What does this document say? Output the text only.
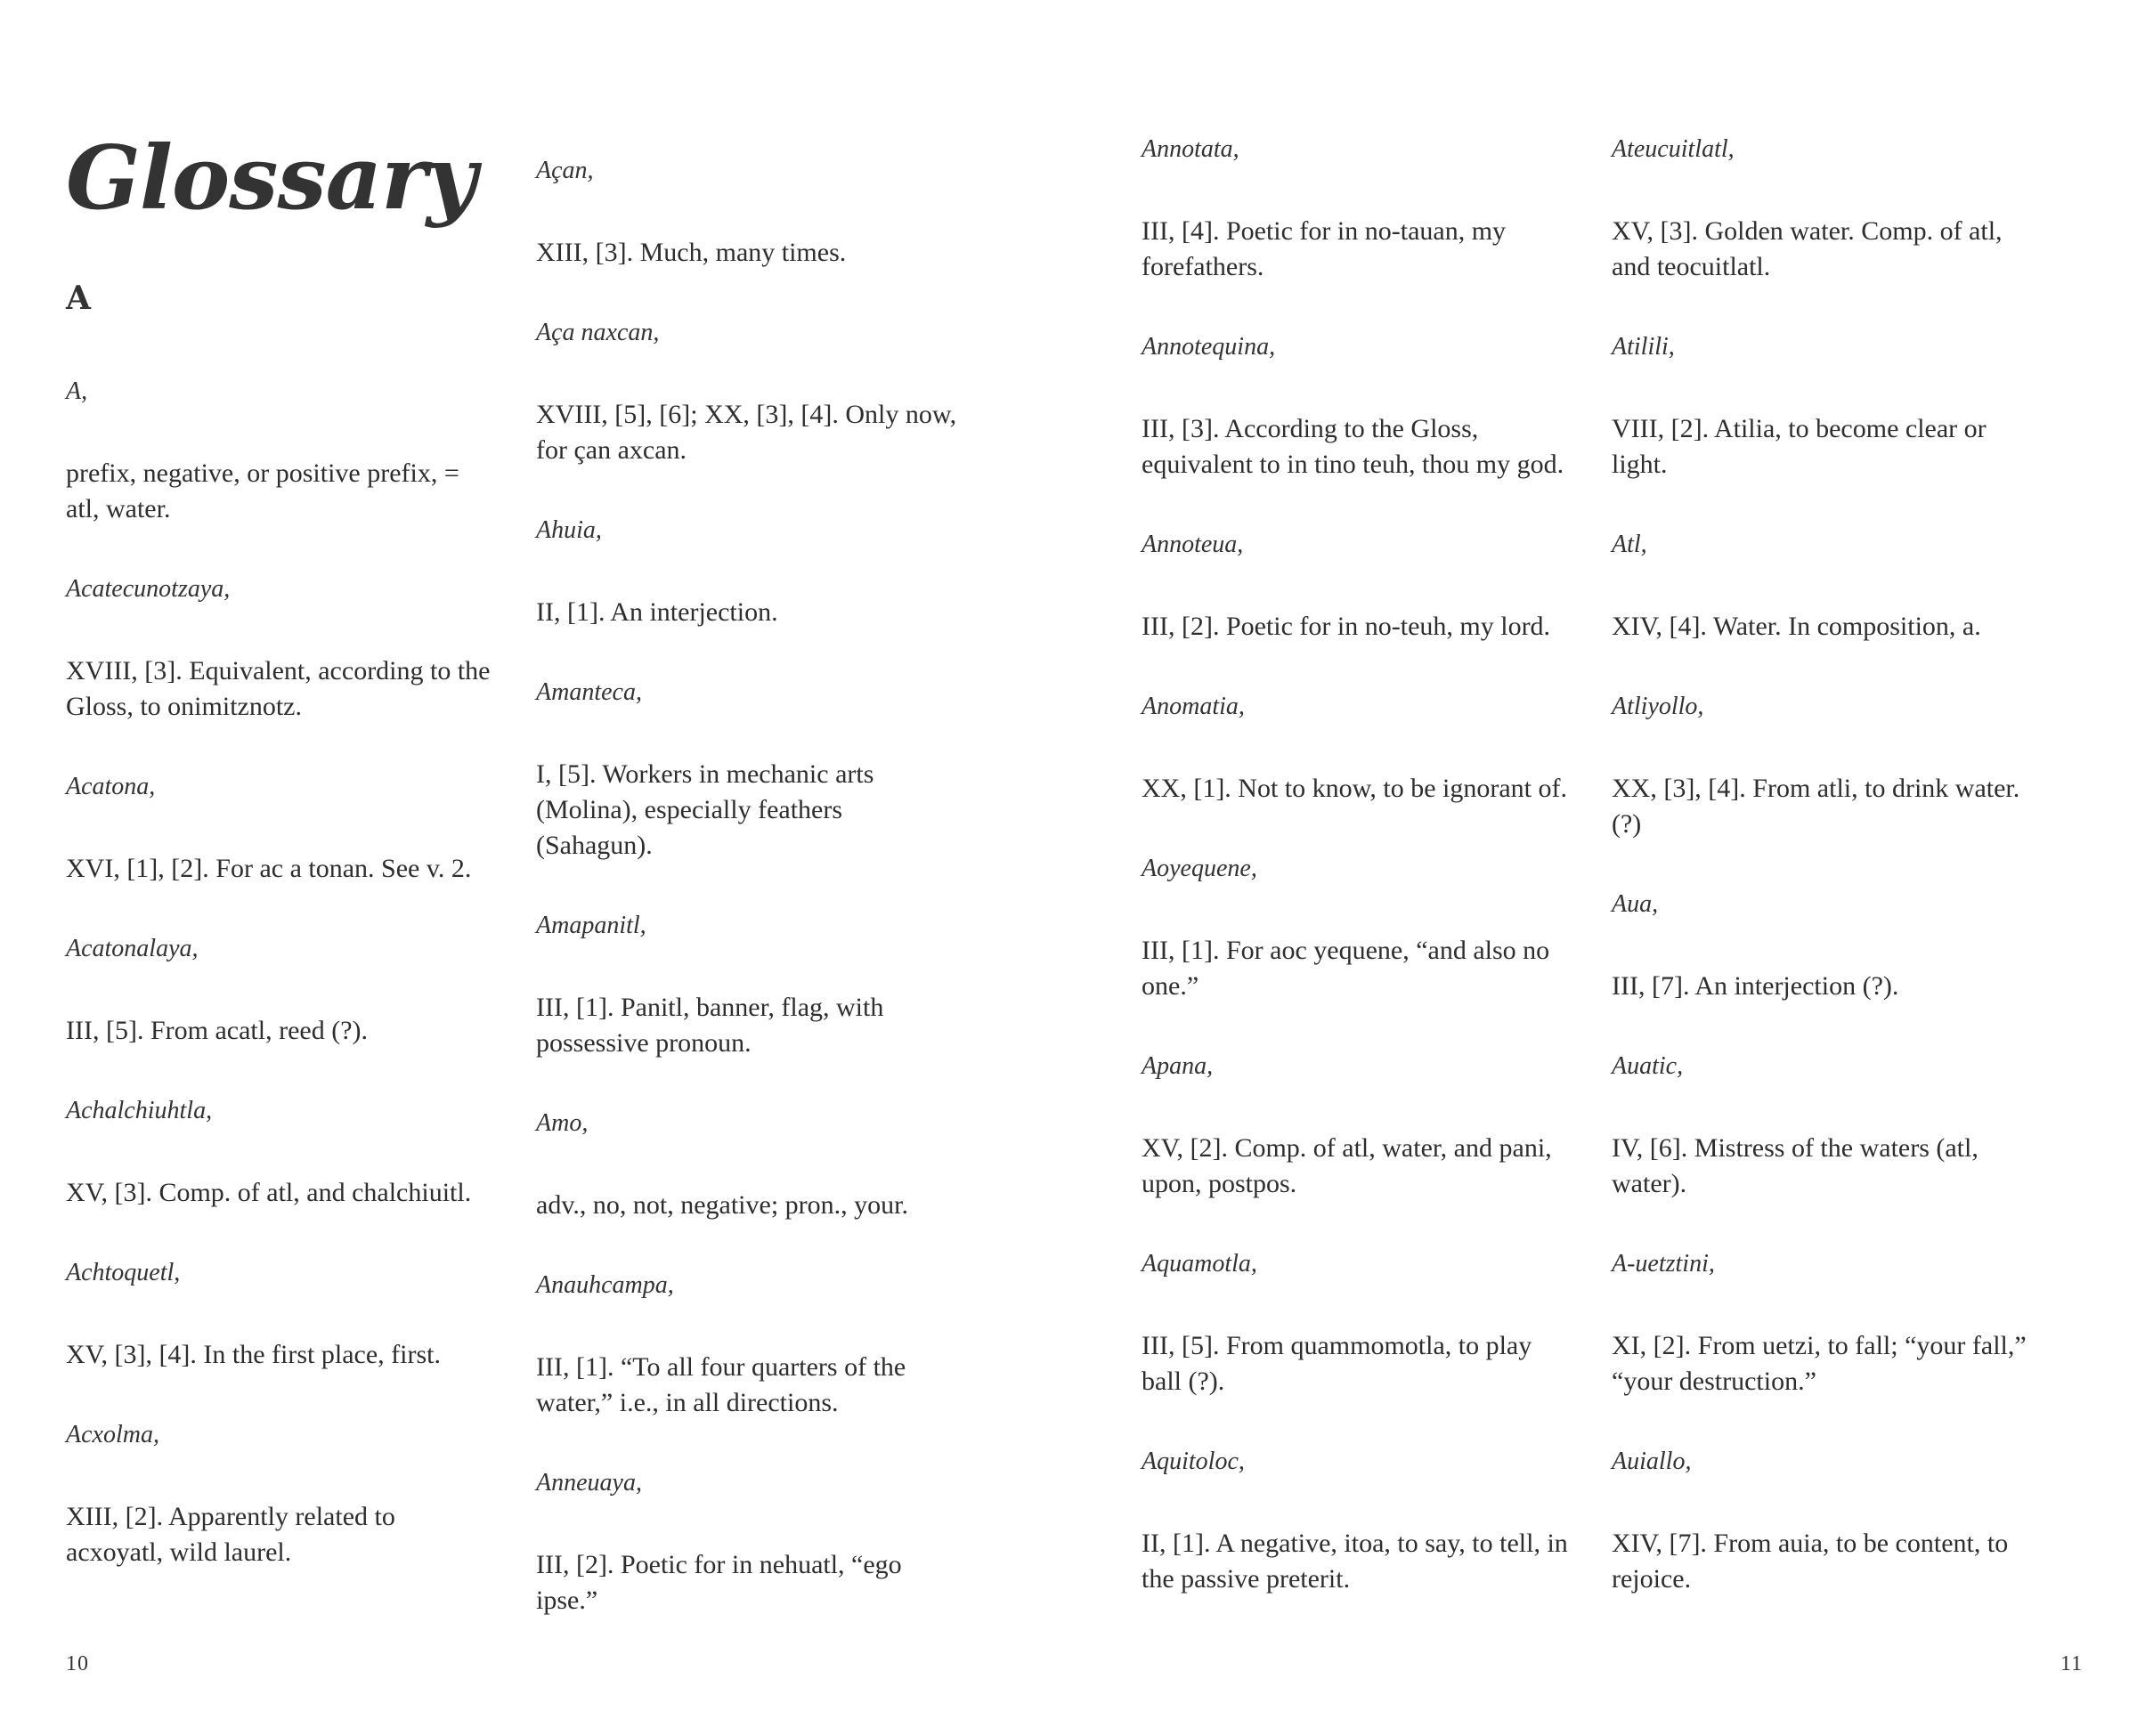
Glossary
A

A,

prefix, negative, or positive prefix, = atl, water.

Acatecunotzaya,

XVIII, [3]. Equivalent, according to the Gloss, to onimitznotz.

Acatona,

XVI, [1], [2]. For ac a tonan. See v. 2.

Acatonalaya,

III, [5]. From acatl, reed (?).

Achalchiuhtla,

XV, [3]. Comp. of atl, and chalchiuitl.

Achtoquetl,

XV, [3], [4]. In the first place, first.

Acxolma,

XIII, [2]. Apparently related to acxoyatl, wild laurel.

Açan,

XIII, [3]. Much, many times.

Aça naxcan,

XVIII, [5], [6]; XX, [3], [4]. Only now, for çan axcan.

Ahuia,

II, [1]. An interjection.

Amanteca,

I, [5]. Workers in mechanic arts (Molina), especially feathers (Sahagun).

Amapanitl,

III, [1]. Panitl, banner, flag, with possessive pronoun.

Amo,

adv., no, not, negative; pron., your.

Anauhcampa,

III, [1]. “To all four quarters of the water,” i.e., in all directions.

Anneuaya,

III, [2]. Poetic for in nehuatl, “ego ipse.”

10

Annotata,

III, [4]. Poetic for in no-tauan, my forefathers.

Annotequina,

III, [3]. According to the Gloss, equivalent to in tino teuh, thou my god.

Annoteua,

III, [2]. Poetic for in no-teuh, my lord.

Anomatia,

XX, [1]. Not to know, to be ignorant of.

Aoyequene,

III, [1]. For aoc yequene, “and also no one.”

Apana,

XV, [2]. Comp. of atl, water, and pani, upon, postpos.

Aquamotla,

III, [5]. From quammomotla, to play ball (?).

Aquitoloc,

II, [1]. A negative, itoa, to say, to tell, in the passive preterit.

Ateucuitlatl,

XV, [3]. Golden water. Comp. of atl, and teocuitlatl.

Atilili,

VIII, [2]. Atilia, to become clear or light.

Atl,

XIV, [4]. Water. In composition, a.

Atliyollo,

XX, [3], [4]. From atli, to drink water. (?)

Aua,

III, [7]. An interjection (?).

Auatic,

IV, [6]. Mistress of the waters (atl, water).

A-uetztini,

XI, [2]. From uetzi, to fall; “your fall,” “your destruction.”

Auiallo,

XIV, [7]. From auia, to be content, to rejoice.

11
